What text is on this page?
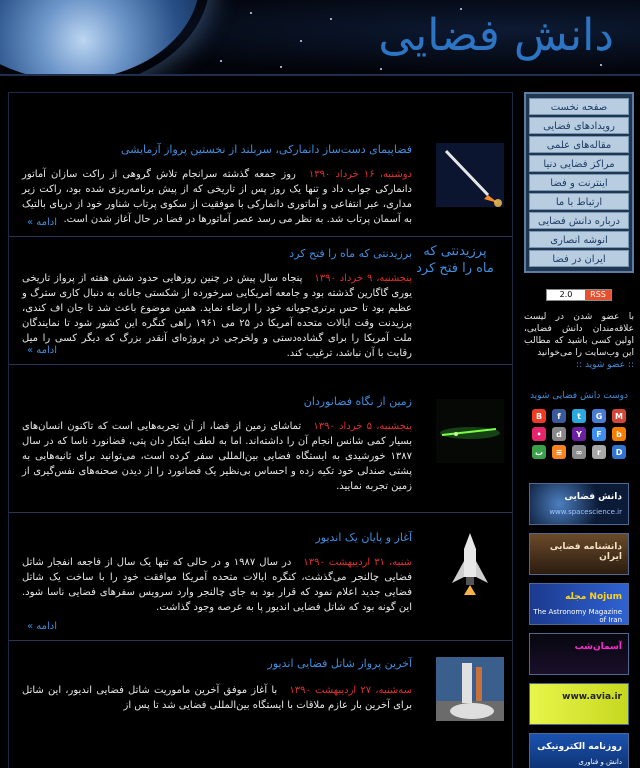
دانش فضایی
فضاپیمای دست‌ساز دانمارکی، سربلند از نخستین پرواز آزمایشی
دوشنبه، ۱۶ خرداد ۱۳۹۰ روز جمعه گذشته سرانجام تلاش گروهی از راکت سازان آماتور دانمارکی جواب داد و تنها یک روز پس از تاریخی که از پیش برنامه‌ریزی شده بود، راکت زیر مداری، عبر انتفاعی و آماتوری دانمارکی با موفقیت از سکوی پرتاب شناور خود از دریای بالتیک به آسمان پرتاب شد. به نظر می رسد عصر آماتورها در فضا در حال آغاز شدن است.
ادامه »
برزیدنتی که ماه را فتح کرد پرزیدنتی که ماه را فتح کرد
پنجشنبه، ۹ خرداد ۱۳۹۰ پنجاه سال پیش در چنین روزهایی حدود شش هفته از پرواز تاریخی یوری گاگارین گذشته بود و جامعه آمریکایی سرخورده از شکستی جانانه به دنبال کاری سترگ و عظیم بود تا حس برتری‌جویانه خود را ارضاء نماید. همین موضوع باعث شد تا جان اف کندی، پرزیدنت وقت ایالات متحده آمریکا در ۲۵ می ۱۹۶۱ راهی کنگره این کشور شود تا نمایندگان ملت آمریکا را برای گشاده‌دستی و ولخرجی در پروژه‌ای آنقدر بزرگ که دیگر کسی را میل رقابت با آن نباشد، ترغیب کند.
ادامه »
زمین از نگاه فضانوردان
پنجشنبه، ۵ خرداد ۱۳۹۰ تماشای زمین از فضا، از آن تجربه‌هایی است که تاکنون انسان‌های بسیار کمی شانس انجام آن را داشته‌اند. اما به لطف ابتکار دان پتی، فضانورد ناسا که در سال ۱۳۸۷ خورشیدی به ایستگاه فضایی بین‌المللی سفر کرده است، می‌توانید برای ثانیه‌هایی به پشتی صندلی خود تکیه زده و احساس بی‌نظیر یک فضانورد را از دیدن صحنه‌های نفس‌گیری از زمین تجربه نمایید.
آغاز و پایان یک اندیور
شنبه، ۳۱ اردیبهشت ۱۳۹۰ در سال ۱۹۸۷ و در حالی که تنها یک سال از فاجعه انفجار شاتل فضایی چالنجر می‌گذشت، کنگره ایالات متحده آمریکا موافقت خود را با ساخت یک شاتل فضایی جدید اعلام نمود که قرار بود به جای چالنجر وارد سرویس سفرهای فضایی ناسا شود. این گونه بود که شاتل فضایی اندیور پا به عرصه وجود گذاشت.
ادامه »
آخرین پرواز شاتل فضایی اندیور
سه‌شنبه، ۲۷ اردیبهشت ۱۳۹۰ با آغاز موفق آخرین ماموریت شاتل فضایی اندیور، این شاتل برای آخرین بار عازم ملاقات با ایستگاه بین‌المللی فضایی شد تا پس از
صفحه نخست
رویدادهای فضایی
مقاله‌های علمی
مراکز فضایی دنیا
اینترنت و فضا
ارتباط با ما
درباره دانش فضایی
انوشه انصاری
ایران در فضا
RSS
2.0
با عضو شدن در لیست علاقه‌مندان دانش فضایی، اولین کسی باشید که مطالب این وب‌سایت را می‌خوانید
:: عضو شوید ::
دوست دانش فضایی شوید
M
G
t
f
B
b
F
Y
d
•
D
r
∞
≡
ب
دانش فضایی
www.spacescience.ir
دانشنامه فضایی ایران
Nojum مجله
The Astronomy Magazine of Iran
آسمان‌شب
www.avia.ir
روزنامه الکترونیکی
دانش و فناوری
